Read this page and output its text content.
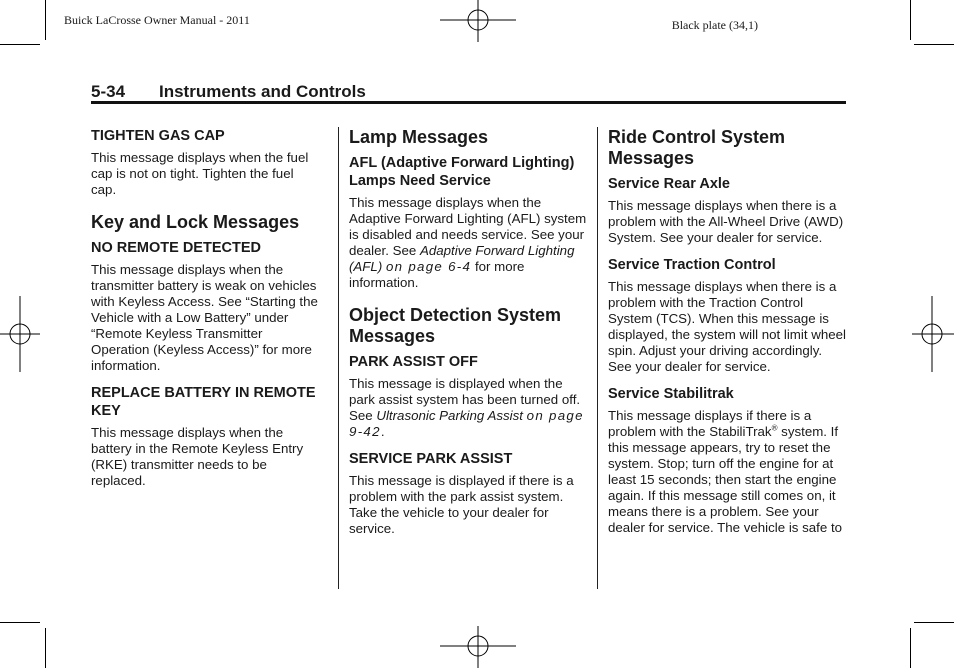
Buick LaCrosse Owner Manual - 2011	Black plate (34,1)
5-34 Instruments and Controls
TIGHTEN GAS CAP

This message displays when the fuel cap is not on tight. Tighten the fuel cap.

Key and Lock Messages
NO REMOTE DETECTED

This message displays when the transmitter battery is weak on vehicles with Keyless Access. See “Starting the Vehicle with a Low Battery” under “Remote Keyless Transmitter Operation (Keyless Access)” for more information.

REPLACE BATTERY IN REMOTE KEY

This message displays when the battery in the Remote Keyless Entry (RKE) transmitter needs to be replaced.

Lamp Messages
AFL (Adaptive Forward Lighting) Lamps Need Service

This message displays when the Adaptive Forward Lighting (AFL) system is disabled and needs service. See your dealer. See Adaptive Forward Lighting (AFL) on page 6-4 for more information.

Object Detection System Messages
PARK ASSIST OFF

This message is displayed when the park assist system has been turned off. See Ultrasonic Parking Assist on page 9-42.

SERVICE PARK ASSIST

This message is displayed if there is a problem with the park assist system. Take the vehicle to your dealer for service.

Ride Control System Messages
Service Rear Axle

This message displays when there is a problem with the All-Wheel Drive (AWD) System. See your dealer for service.

Service Traction Control

This message displays when there is a problem with the Traction Control System (TCS). When this message is displayed, the system will not limit wheel spin. Adjust your driving accordingly. See your dealer for service.

Service Stabilitrak

This message displays if there is a problem with the StabiliTrak® system. If this message appears, try to reset the system. Stop; turn off the engine for at least 15 seconds; then start the engine again. If this message still comes on, it means there is a problem. See your dealer for service. The vehicle is safe to
